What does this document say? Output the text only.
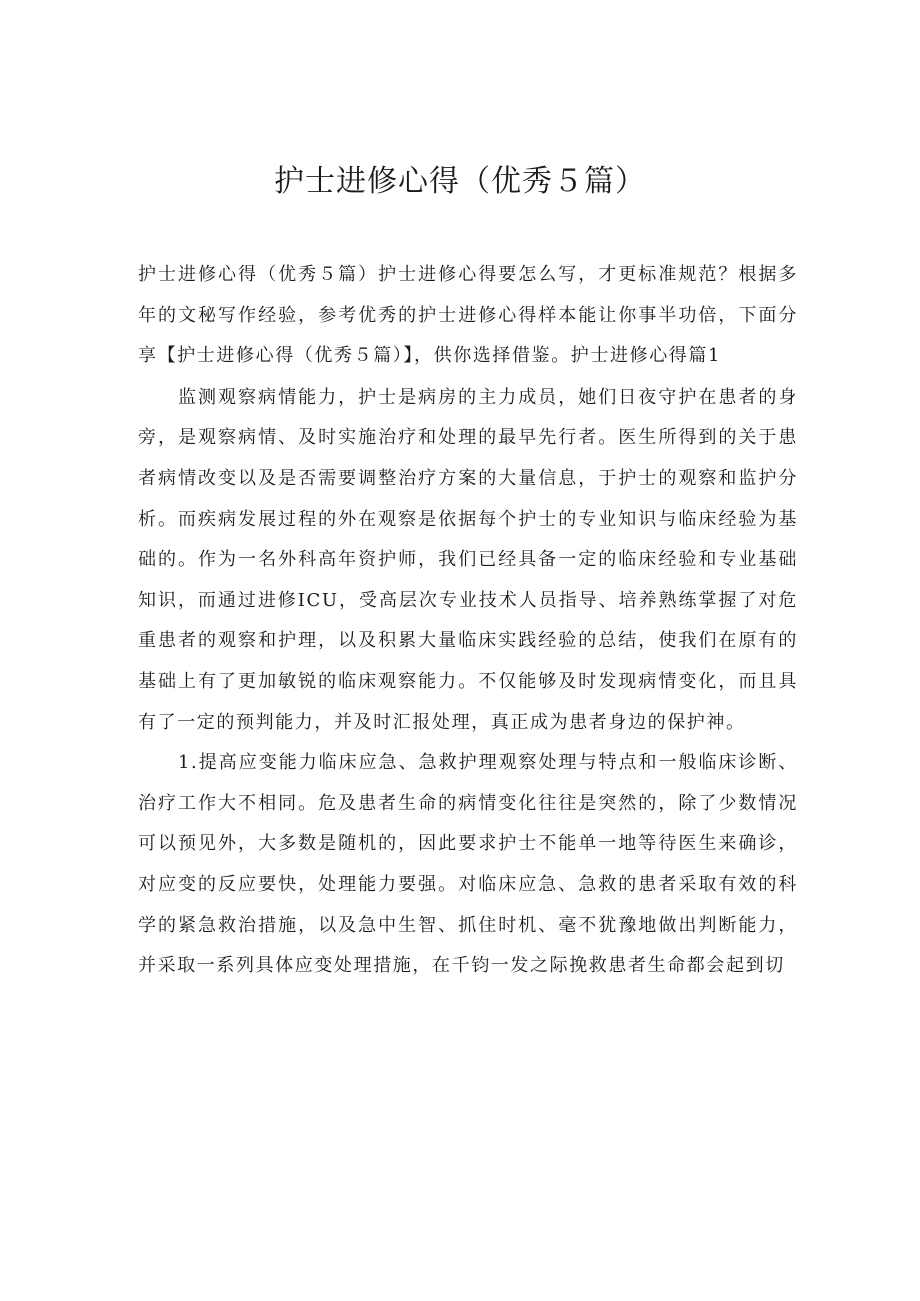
护士进修心得（优秀５篇）

护士进修心得（优秀５篇）护士进修心得要怎么写，才更标准规范？根据多年的文秘写作经验，参考优秀的护士进修心得样本能让你事半功倍，下面分享【护士进修心得（优秀５篇）】，供你选择借鉴。护士进修心得篇1

监测观察病情能力，护士是病房的主力成员，她们日夜守护在患者的身旁，是观察病情、及时实施治疗和处理的最早先行者。医生所得到的关于患者病情改变以及是否需要调整治疗方案的大量信息，于护士的观察和监护分析。而疾病发展过程的外在观察是依据每个护士的专业知识与临床经验为基础的。作为一名外科高年资护师，我们已经具备一定的临床经验和专业基础知识，而通过进修ICU，受高层次专业技术人员指导、培养熟练掌握了对危重患者的观察和护理，以及积累大量临床实践经验的总结，使我们在原有的基础上有了更加敏锐的临床观察能力。不仅能够及时发现病情变化，而且具有了一定的预判能力，并及时汇报处理，真正成为患者身边的保护神。

1.提高应变能力临床应急、急救护理观察处理与特点和一般临床诊断、治疗工作大不相同。危及患者生命的病情变化往往是突然的，除了少数情况可以预见外，大多数是随机的，因此要求护士不能单一地等待医生来确诊，对应变的反应要快，处理能力要强。对临床应急、急救的患者采取有效的科学的紧急救治措施，以及急中生智、抓住时机、毫不犹豫地做出判断能力，并采取一系列具体应变处理措施，在千钧一发之际挽救患者生命都会起到切
